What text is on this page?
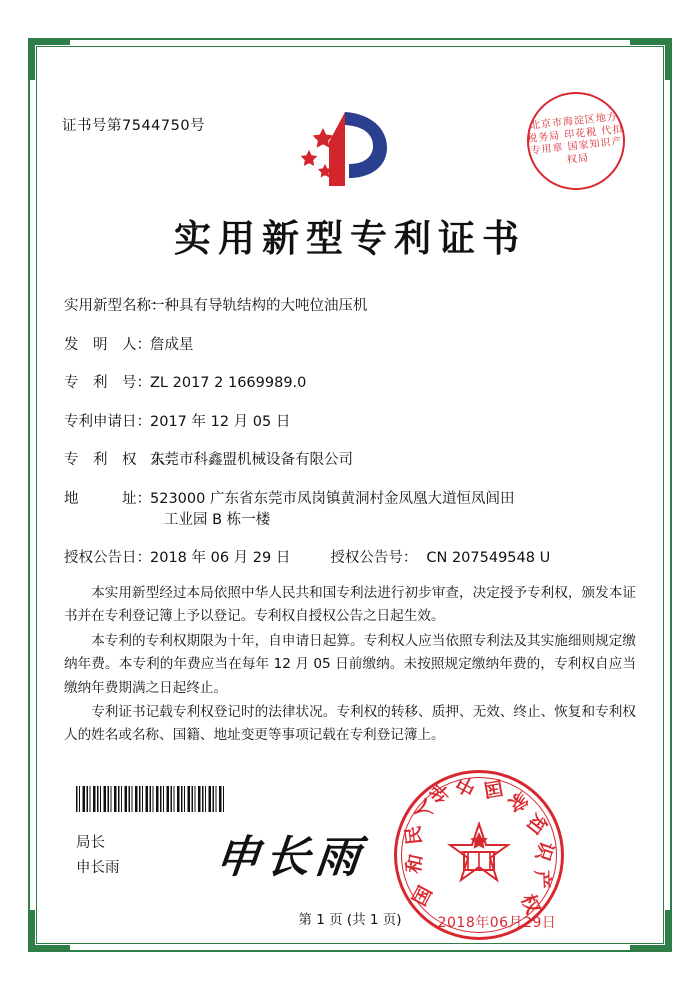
证书号第7544750号	北京市海淀区地方税务局 印花税 代扣专用章 国家知识产权局
实用新型专利证书
实用新型名称：
一种具有导轨结构的大吨位油压机
发　明　人： 詹成星
专　利　号： ZL 2017 2 1669989.0
专利申请日： 2017 年 12 月 05 日
专　利　权　人：
东莞市科鑫盟机械设备有限公司
地　　　址： 523000 广东省东莞市凤岗镇黄洞村金凤凰大道恒凤闾田
工业园 B 栋一楼
授权公告日： 2018 年 06 月 29 日	授权公告号： CN 207549548 U

本实用新型经过本局依照中华人民共和国专利法进行初步审查，决定授予专利权，颁发本证书并在专利登记簿上予以登记。专利权自授权公告之日起生效。

本专利的专利权期限为十年，自申请日起算。专利权人应当依照专利法及其实施细则规定缴纳年费。本专利的年费应当在每年 12 月 05 日前缴纳。未按照规定缴纳年费的，专利权自应当缴纳年费期满之日起终止。

专利证书记载专利权登记时的法律状况。专利权的转移、质押、无效、终止、恢复和专利权人的姓名或名称、国籍、地址变更等事项记载在专利登记簿上。

局长
申长雨 申长雨
国
和
民
人
华
中 国 家
知
识
产
权
2018年06月29日
第 1 页 (共 1 页)
